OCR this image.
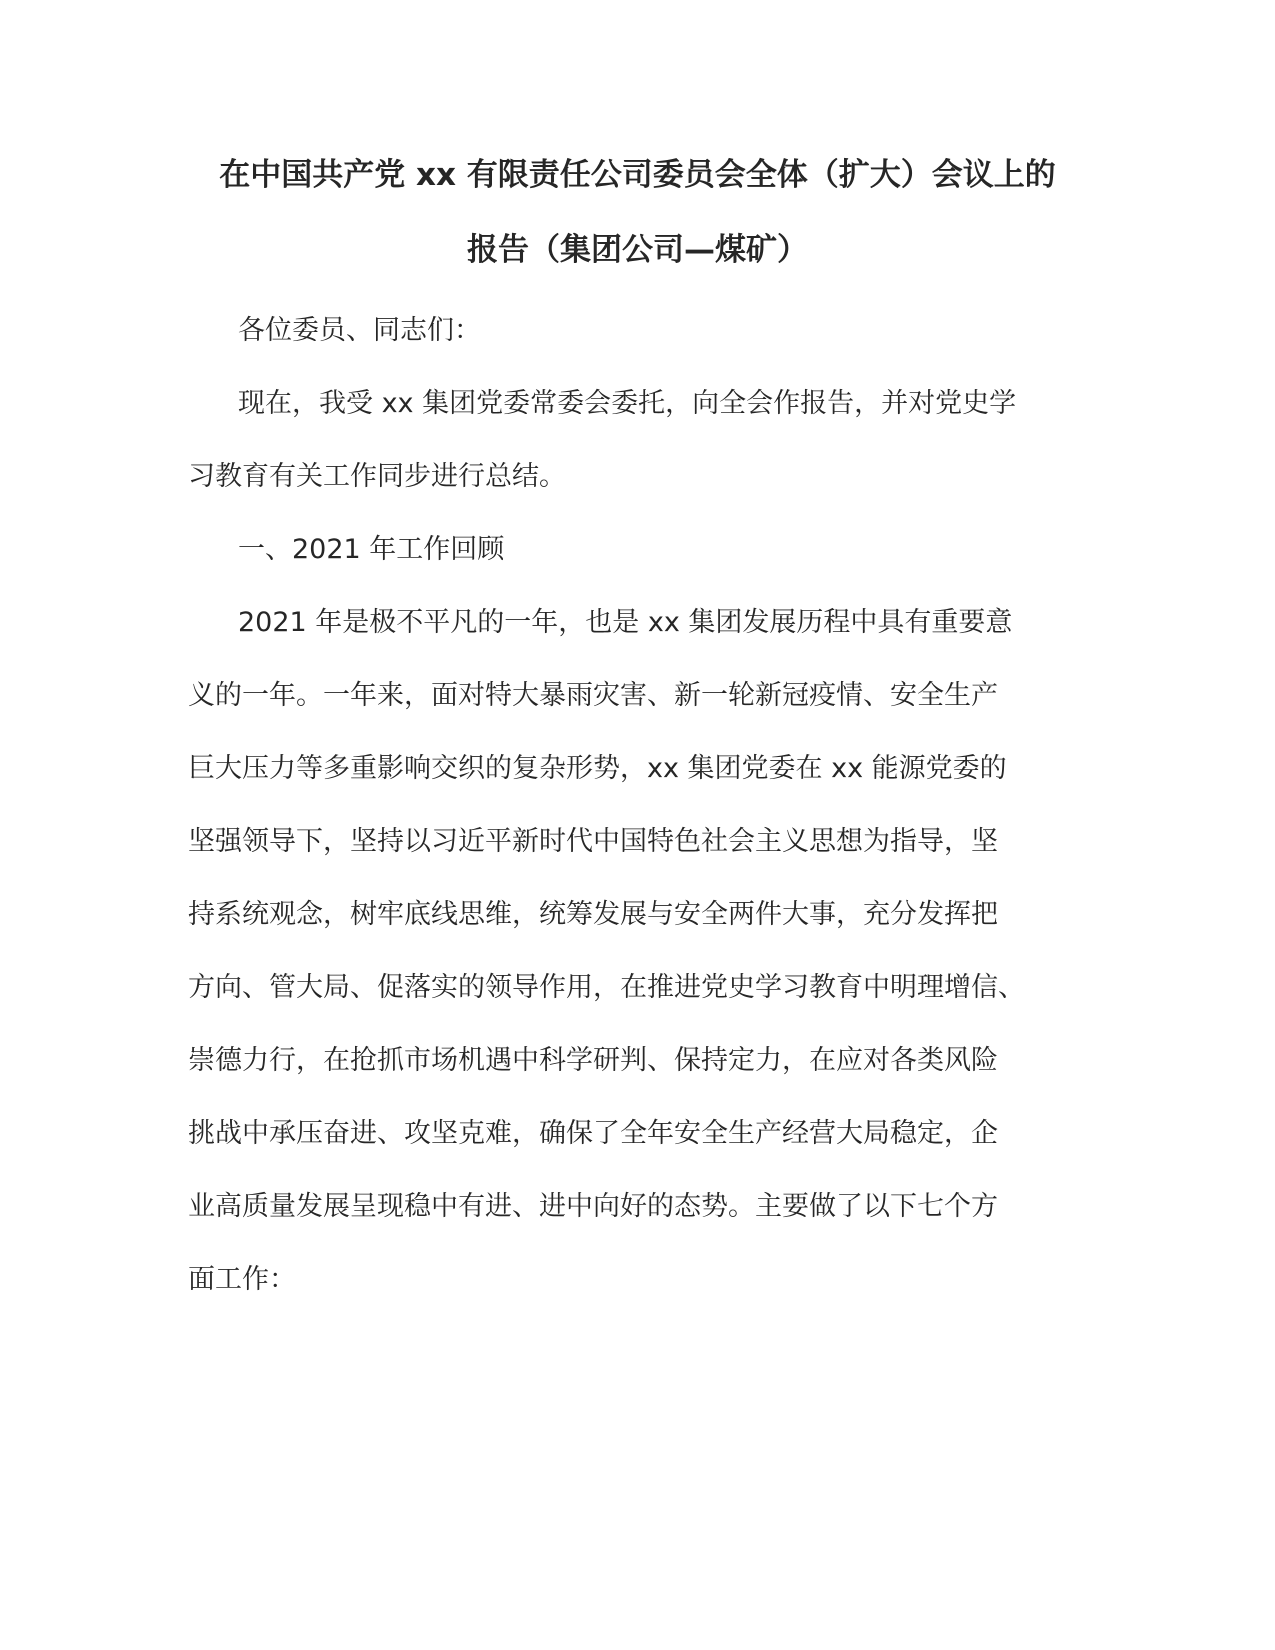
在中国共产党 xx 有限责任公司委员会全体（扩大）会议上的
报告（集团公司—煤矿）
各位委员、同志们：
现在，我受 xx 集团党委常委会委托，向全会作报告，并对党史学
习教育有关工作同步进行总结。
一、2021 年工作回顾
2021 年是极不平凡的一年，也是 xx 集团发展历程中具有重要意
义的一年。一年来，面对特大暴雨灾害、新一轮新冠疫情、安全生产
巨大压力等多重影响交织的复杂形势，xx 集团党委在 xx 能源党委的
坚强领导下，坚持以习近平新时代中国特色社会主义思想为指导，坚
持系统观念，树牢底线思维，统筹发展与安全两件大事，充分发挥把
方向、管大局、促落实的领导作用，在推进党史学习教育中明理增信、
崇德力行，在抢抓市场机遇中科学研判、保持定力，在应对各类风险
挑战中承压奋进、攻坚克难，确保了全年安全生产经营大局稳定，企
业高质量发展呈现稳中有进、进中向好的态势。主要做了以下七个方
面工作：
